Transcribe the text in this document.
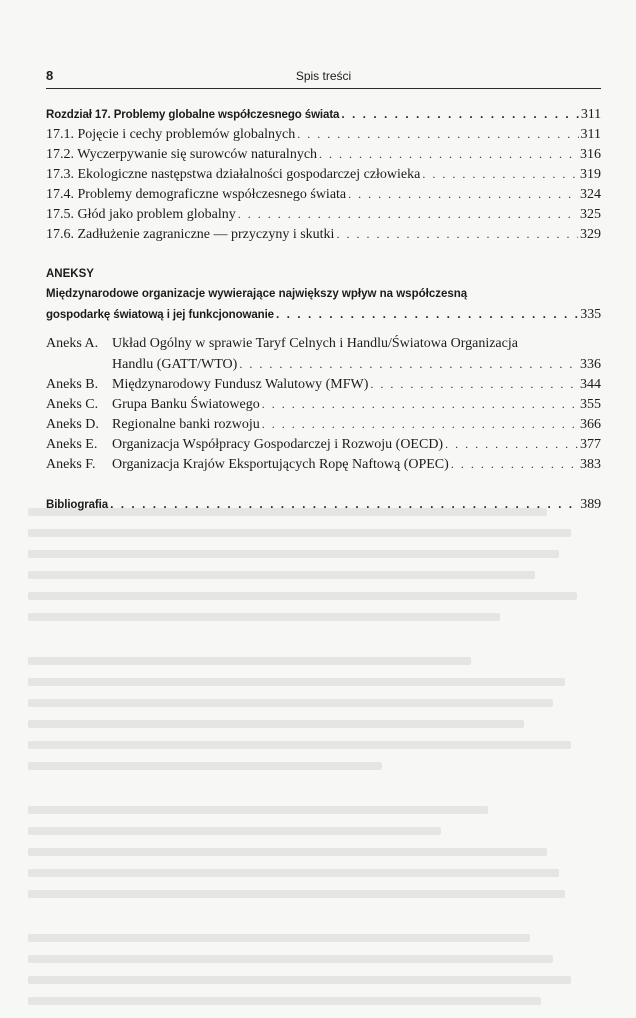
8	Spis treści
Rozdział 17. Problemy globalne współczesnego świata . . .	311
17.1. Pojęcie i cechy problemów globalnych . . .	311
17.2. Wyczerpywanie się surowców naturalnych . . .	316
17.3. Ekologiczne następstwa działalności gospodarczej człowieka . . .	319
17.4. Problemy demograficzne współczesnego świata . . .	324
17.5. Głód jako problem globalny . . .	325
17.6. Zadłużenie zagraniczne — przyczyny i skutki . . .	329
ANEKSY
Międzynarodowe organizacje wywierające największy wpływ na współczesną
gospodarkę światową i jej funkcjonowanie . . .	335
Aneks A. Układ Ogólny w sprawie Taryf Celnych i Handlu/Światowa Organizacja
Handlu (GATT/WTO) . . .	336
Aneks B. Międzynarodowy Fundusz Walutowy (MFW) . . .	344
Aneks C. Grupa Banku Światowego . . .	355
Aneks D. Regionalne banki rozwoju . . .	366
Aneks E. Organizacja Współpracy Gospodarczej i Rozwoju (OECD) . . .	377
Aneks F. Organizacja Krajów Eksportujących Ropę Naftową (OPEC) . . .	383
Bibliografia . . .	389
